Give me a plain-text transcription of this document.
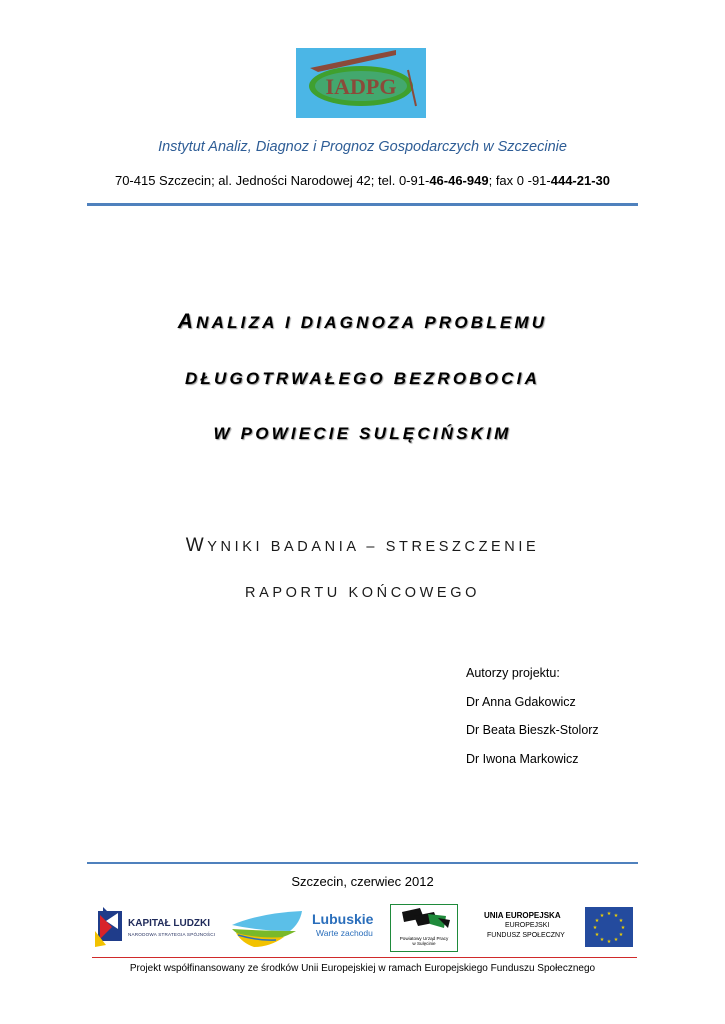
IADPG
Instytut Analiz, Diagnoz i Prognoz Gospodarczych w Szczecinie
70-415 Szczecin; al. Jedności Narodowej 42; tel. 0-91-46-46-949; fax 0 -91-444-21-30
ANALIZA I DIAGNOZA PROBLEMU
DŁUGOTRWAŁEGO BEZROBOCIA
W POWIECIE SULĘCIŃSKIM
WYNIKI BADANIA – STRESZCZENIE
RAPORTU KOŃCOWEGO
Autorzy projektu:
Dr Anna Gdakowicz
Dr Beata Bieszk-Stolorz
Dr Iwona Markowicz
Szczecin, czerwiec 2012
KAPITAŁ LUDZKI
NARODOWA STRATEGIA SPÓJNOŚCI
Lubuskie
Warte zachodu
Powiatowy Urząd Pracy
w Sulęcinie
UNIA EUROPEJSKA
EUROPEJSKI
FUNDUSZ SPOŁECZNY
★ ★
★
★
★
★
★
★
★
★
★
★
Projekt współfinansowany ze środków Unii Europejskiej w ramach Europejskiego Funduszu Społecznego
